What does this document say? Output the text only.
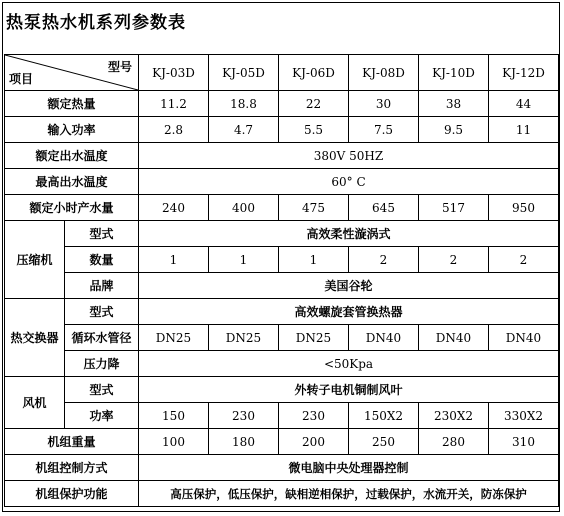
热泵热水机系列参数表
项目
型号		KJ-03D	KJ-05D	KJ-06D	KJ-08D	KJ-10D	KJ-12D
额定热量		11.2	18.8	22	30	38	44
输入功率		2.8	4.7	5.5	7.5	9.5	11
额定出水温度		380V 50HZ					
最高出水温度		60° C					
额定小时产水量		240	400	475	645	517	950
压缩机	型式	高效柔性漩涡式					
	数量	1	1	1	2	2	2
	品牌	美国谷轮					
热交换器	型式	高效螺旋套管换热器					
	循环水管径	DN25	DN25	DN25	DN40	DN40	DN40
	压力降	<50Kpa					
风机	型式	外转子电机铜制风叶					
	功率	150	230	230	150X2	230X2	330X2
机组重量		100	180	200	250	280	310
机组控制方式		微电脑中央处理器控制					
机组保护功能		高压保护，低压保护，缺相逆相保护，过载保护，水流开关，防冻保护					
